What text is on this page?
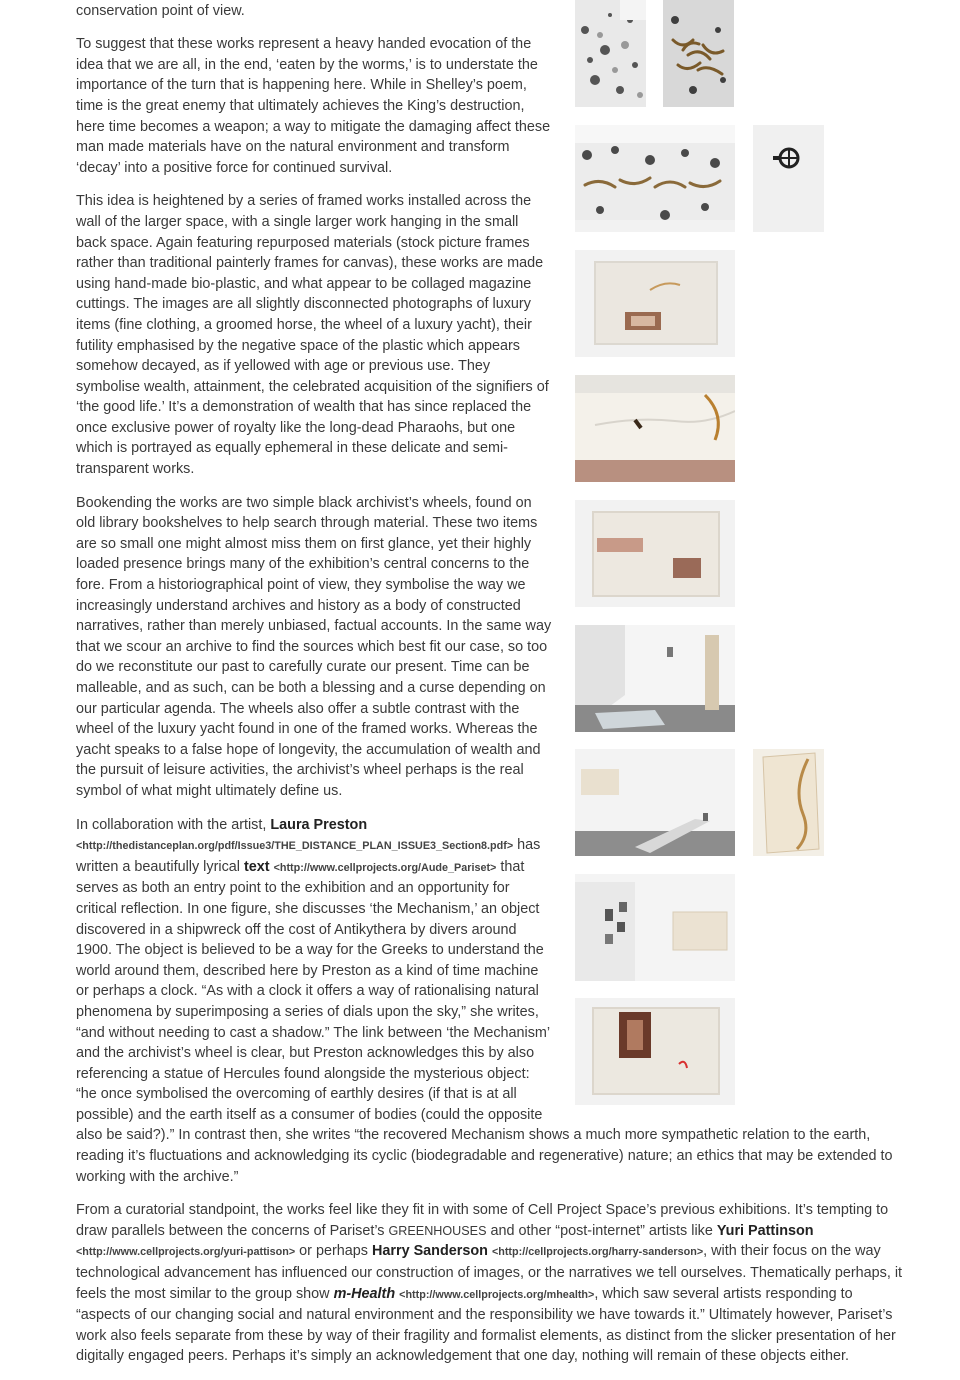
conservation point of view.

To suggest that these works represent a heavy handed evocation of the idea that we are all, in the end, ‘eaten by the worms,’ is to understate the importance of the turn that is happening here. While in Shelley’s poem, time is the great enemy that ultimately achieves the King’s destruction, here time becomes a weapon; a way to mitigate the damaging affect these man made materials have on the natural environment and transform ‘decay’ into a positive force for continued survival.

This idea is heightened by a series of framed works installed across the wall of the larger space, with a single larger work hanging in the small back space. Again featuring repurposed materials (stock picture frames rather than traditional painterly frames for canvas), these works are made using hand-made bio-plastic, and what appear to be collaged magazine cuttings. The images are all slightly disconnected photographs of luxury items (fine clothing, a groomed horse, the wheel of a luxury yacht), their futility emphasised by the negative space of the plastic which appears somehow decayed, as if yellowed with age or previous use. They symbolise wealth, attainment, the celebrated acquisition of the signifiers of ‘the good life.’ It’s a demonstration of wealth that has since replaced the once exclusive power of royalty like the long-dead Pharaohs, but one which is portrayed as equally ephemeral in these delicate and semi-transparent works.

Bookending the works are two simple black archivist’s wheels, found on old library bookshelves to help search through material. These two items are so small one might almost miss them on first glance, yet their highly loaded presence brings many of the exhibition’s central concerns to the fore. From a historiographical point of view, they symbolise the way we increasingly understand archives and history as a body of constructed narratives, rather than merely unbiased, factual accounts. In the same way that we scour an archive to find the sources which best fit our case, so too do we reconstitute our past to carefully curate our present. Time can be malleable, and as such, can be both a blessing and a curse depending on our particular agenda. The wheels also offer a subtle contrast with the wheel of the luxury yacht found in one of the framed works. Whereas the yacht speaks to a false hope of longevity, the accumulation of wealth and the pursuit of leisure activities, the archivist’s wheel perhaps is the real symbol of what might ultimately define us.

In collaboration with the artist, Laura Preston <http://thedistanceplan.org/pdf/Issue3/THE_DISTANCE_PLAN_ISSUE3_Section8.pdf> has written a beautifully lyrical text <http://www.cellprojects.org/Aude_Pariset> that serves as both an entry point to the exhibition and an opportunity for critical reflection. In one figure, she discusses ‘the Mechanism,’ an object discovered in a shipwreck off the cost of Antikythera by divers around 1900. The object is believed to be a way for the Greeks to understand the world around them, described here by Preston as a kind of time machine or perhaps a clock. “As with a clock it offers a way of rationalising natural phenomena by superimposing a series of dials upon the sky,” she writes, “and without needing to cast a shadow.” The link between ‘the Mechanism’ and the archivist’s wheel is clear, but Preston acknowledges this by also referencing a statue of Hercules found alongside the mysterious object: “he once symbolised the overcoming of earthly desires (if that is at all possible) and the earth itself as a consumer of bodies (could the opposite also be said?).” In contrast then, she writes “the recovered Mechanism shows a much more sympathetic relation to the earth, reading it’s fluctuations and acknowledging its cyclic (biodegradable and regenerative) nature; an ethics that may be extended to working with the archive.”

From a curatorial standpoint, the works feel like they fit in with some of Cell Project Space’s previous exhibitions. It’s tempting to draw parallels between the concerns of Pariset’s GREENHOUSES and other “post-internet” artists like Yuri Pattinson <http://www.cellprojects.org/yuri-pattison> or perhaps Harry Sanderson <http://cellprojects.org/harry-sanderson>, with their focus on the way technological advancement has influenced our construction of images, or the narratives we tell ourselves. Thematically perhaps, it feels the most similar to the group show m-Health <http://www.cellprojects.org/mhealth>, which saw several artists responding to “aspects of our changing social and natural environment and the responsibility we have towards it.” Ultimately however, Pariset’s work also feels separate from these by way of their fragility and formalist elements, as distinct from the slicker presentation of her digitally engaged peers. Perhaps it’s simply an acknowledgement that one day, nothing will remain of these objects either.
